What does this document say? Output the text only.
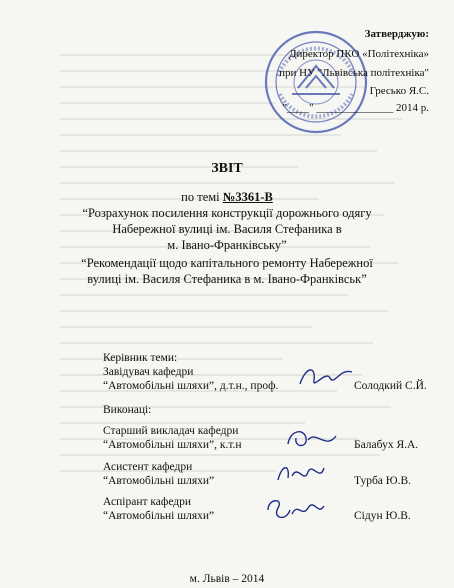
Затверджую:
Директор ПКО «Політехніка»
при НУ "Львівська політехніка"
Гресько Я.С.
"____" ______________ 2014 р.
ЗВІТ
по темі №3361-В
“Розрахунок посилення конструкції дорожнього одягу
Набережної вулиці ім. Василя Стефаника в
м. Івано-Франківську”
“Рекомендації щодо капітального ремонту Набережної
вулиці ім. Василя Стефаника в м. Івано-Франківськ”
Керівник теми:
Завідувач кафедри
“Автомобільні шляхи”, д.т.н., проф.	Солодкий С.Й.
Виконаці:
Старший викладач кафедри
“Автомобільні шляхи”, к.т.н	Балабух Я.А.
Асистент кафедри
“Автомобільні шляхи”	Турба Ю.В.
Аспірант кафедри
“Автомобільні шляхи”	Сідун Ю.В.
м. Львів – 2014
